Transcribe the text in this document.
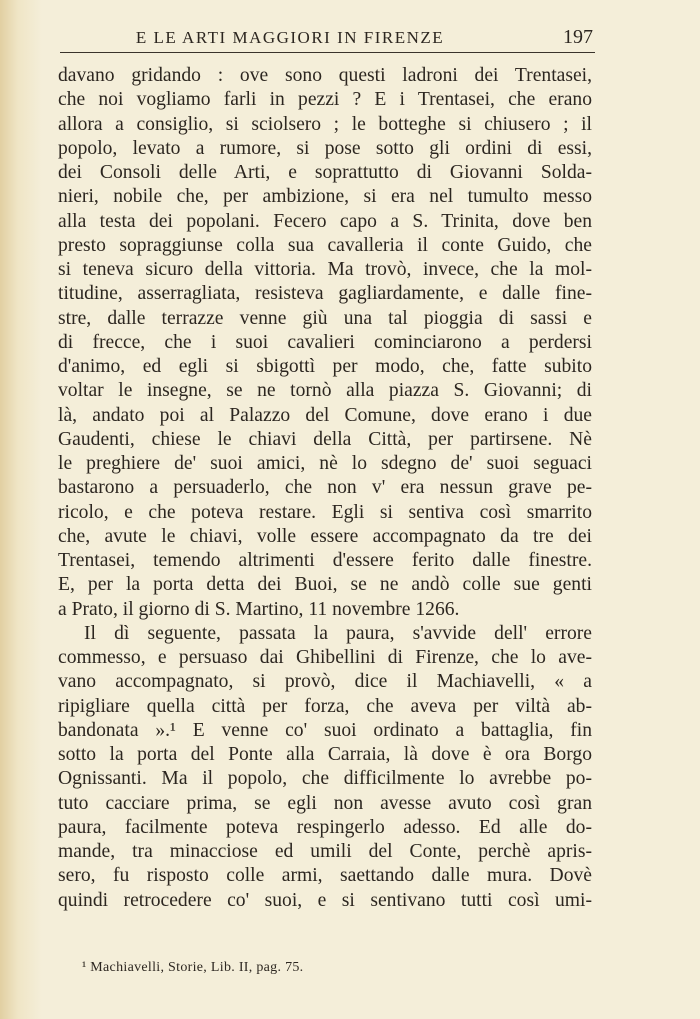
E LE ARTI MAGGIORI IN FIRENZE	197
davano gridando : ove sono questi ladroni dei Trentasei,
che noi vogliamo farli in pezzi ? E i Trentasei, che erano
allora a consiglio, si sciolsero ; le botteghe si chiusero ; il
popolo, levato a rumore, si pose sotto gli ordini di essi,
dei Consoli delle Arti, e soprattutto di Giovanni Solda-
nieri, nobile che, per ambizione, si era nel tumulto messo
alla testa dei popolani. Fecero capo a S. Trinita, dove ben
presto sopraggiunse colla sua cavalleria il conte Guido, che
si teneva sicuro della vittoria. Ma trovò, invece, che la mol-
titudine, asserragliata, resisteva gagliardamente, e dalle fine-
stre, dalle terrazze venne giù una tal pioggia di sassi e
di frecce, che i suoi cavalieri cominciarono a perdersi
d'animo, ed egli si sbigottì per modo, che, fatte subito
voltar le insegne, se ne tornò alla piazza S. Giovanni; di
là, andato poi al Palazzo del Comune, dove erano i due
Gaudenti, chiese le chiavi della Città, per partirsene. Nè
le preghiere de' suoi amici, nè lo sdegno de' suoi seguaci
bastarono a persuaderlo, che non v' era nessun grave pe-
ricolo, e che poteva restare. Egli si sentiva così smarrito
che, avute le chiavi, volle essere accompagnato da tre dei
Trentasei, temendo altrimenti d'essere ferito dalle finestre.
E, per la porta detta dei Buoi, se ne andò colle sue genti
a Prato, il giorno di S. Martino, 11 novembre 1266.
Il dì seguente, passata la paura, s'avvide dell' errore
commesso, e persuaso dai Ghibellini di Firenze, che lo ave-
vano accompagnato, si provò, dice il Machiavelli, « a
ripigliare quella città per forza, che aveva per viltà ab-
bandonata ».¹ E venne co' suoi ordinato a battaglia, fin
sotto la porta del Ponte alla Carraia, là dove è ora Borgo
Ognissanti. Ma il popolo, che difficilmente lo avrebbe po-
tuto cacciare prima, se egli non avesse avuto così gran
paura, facilmente poteva respingerlo adesso. Ed alle do-
mande, tra minacciose ed umili del Conte, perchè apris-
sero, fu risposto colle armi, saettando dalle mura. Dovè
quindi retrocedere co' suoi, e si sentivano tutti così umi-
¹ Machiavelli, Storie, Lib. II, pag. 75.
